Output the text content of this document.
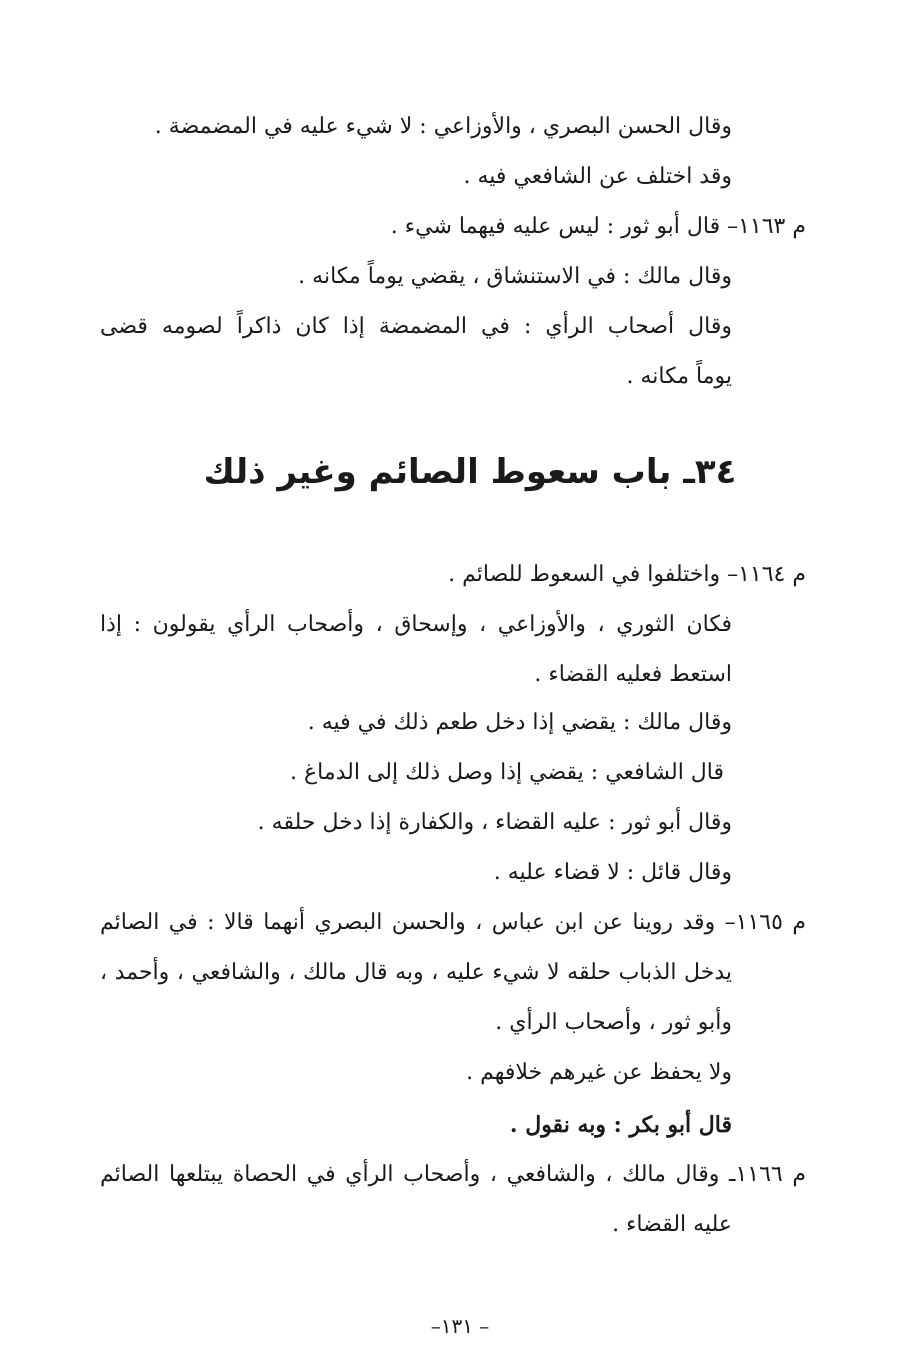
وقال الحسن البصري ، والأوزاعي : لا شيء عليه في المضمضة .
وقد اختلف عن الشافعي فيه .
م ١١٦٣– قال أبو ثور : ليس عليه فيهما شيء .
وقال مالك : في الاستنشاق ، يقضي يوماً مكانه .
وقال أصحاب الرأي : في المضمضة إذا كان ذاكراً لصومه قضى
يوماً مكانه .
٣٤ـ باب سعوط الصائم وغير ذلك
م ١١٦٤– واختلفوا في السعوط للصائم .
فكان الثوري ، والأوزاعي ، وإسحاق ، وأصحاب الرأي يقولون : إذا
استعط فعليه القضاء .
وقال مالك : يقضي إذا دخل طعم ذلك في فيه .
قال الشافعي : يقضي إذا وصل ذلك إلى الدماغ .
وقال أبو ثور : عليه القضاء ، والكفارة إذا دخل حلقه .
وقال قائل : لا قضاء عليه .
م ١١٦٥– وقد روينا عن ابن عباس ، والحسن البصري أنهما قالا : في الصائم
يدخل الذباب حلقه لا شيء عليه ، وبه قال مالك ، والشافعي ، وأحمد ،
وأبو ثور ، وأصحاب الرأي .
ولا يحفظ عن غيرهم خلافهم .
قال أبو بكر : وبه نقول .
م ١١٦٦ـ وقال مالك ، والشافعي ، وأصحاب الرأي في الحصاة يبتلعها الصائم
عليه القضاء .
–١٣١ –
